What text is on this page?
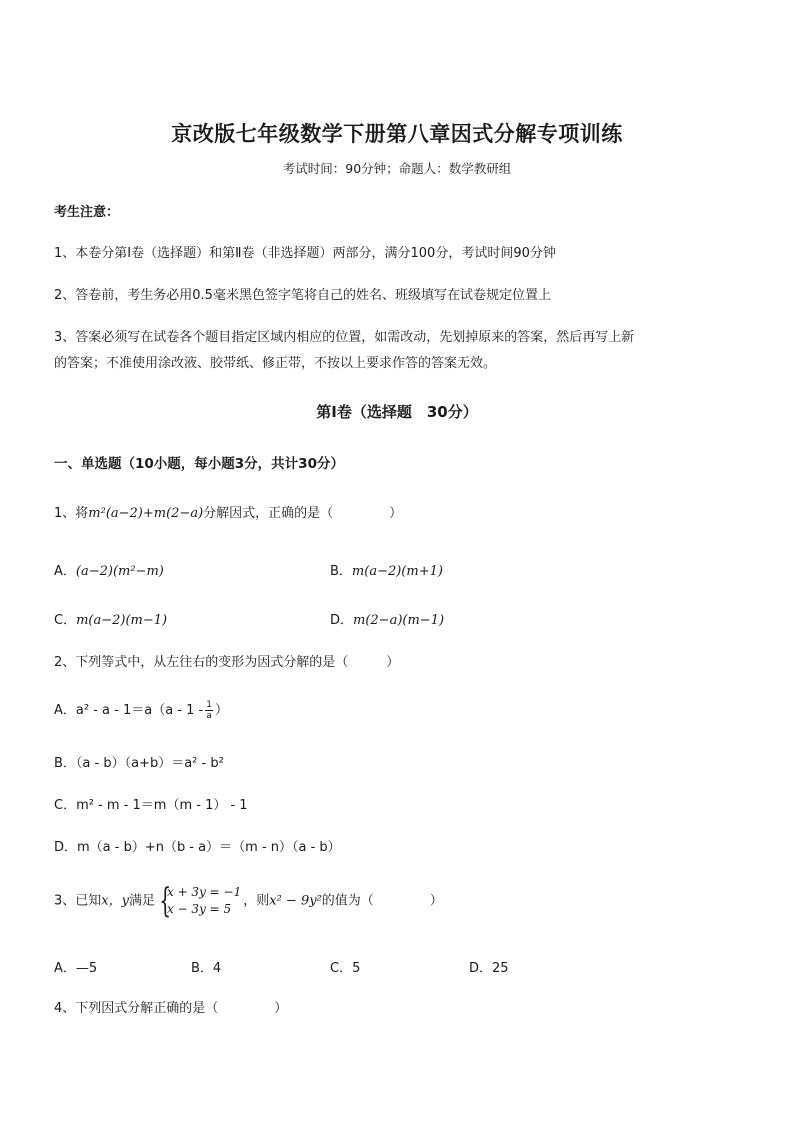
京改版七年级数学下册第八章因式分解专项训练
考试时间：90分钟；命题人：数学教研组
考生注意：
1、本卷分第Ⅰ卷（选择题）和第Ⅱ卷（非选择题）两部分，满分100分，考试时间90分钟
2、答卷前，考生务必用0.5毫米黑色签字笔将自己的姓名、班级填写在试卷规定位置上
3、答案必须写在试卷各个题目指定区域内相应的位置，如需改动，先划掉原来的答案，然后再写上新
的答案；不准使用涂改液、胶带纸、修正带，不按以上要求作答的答案无效。
第Ⅰ卷（选择题　30分）
一、单选题（10小题，每小题3分，共计30分）
1、将m²(a−2)+m(2−a)分解因式，正确的是（	）
A．(a−2)(m²−m)	B．m(a−2)(m+1)
C．m(a−2)(m−1)	D．m(2−a)(m−1)
2、下列等式中，从左往右的变形为因式分解的是（	）
A．$a^2 - a - 1=a(a - 1 - \frac{1}{a}$ ）
B．（a - b）（a+b）＝a² - b²
C．m² - m - 1＝m（m - 1） - 1
D．m（a - b）+n（b - a）＝（m - n）（a - b）
3、已知x，y满足 {
x + 3y = −1
x − 3y = 5
，则x² − 9y²的值为（	）
A．—5	B．4	C．5	D．25
4、下列因式分解正确的是（	）
